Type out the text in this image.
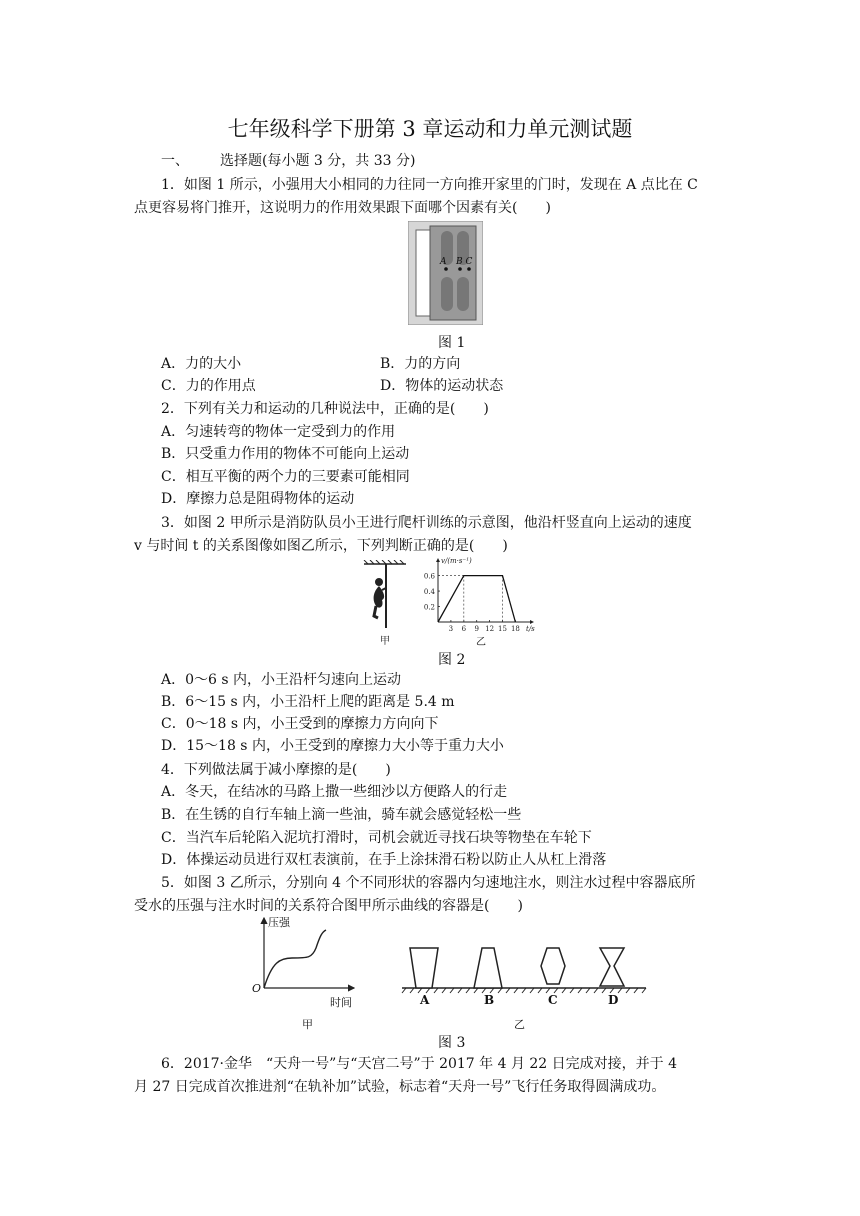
七年级科学下册第 3 章运动和力单元测试题
一、 选择题(每小题 3 分，共 33 分)
1．如图 1 所示，小强用大小相同的力往同一方向推开家里的门时，发现在 A 点比在 C
点更容易将门推开，这说明力的作用效果跟下面哪个因素有关(　　)
A B C
图 1
A．力的大小	B．力的方向
C．力的作用点	D．物体的运动状态
2．下列有关力和运动的几种说法中，正确的是(　　)
A．匀速转弯的物体一定受到力的作用
B．只受重力作用的物体不可能向上运动
C．相互平衡的两个力的三要素可能相同
D．摩擦力总是阻碍物体的运动
3．如图 2 甲所示是消防队员小王进行爬杆训练的示意图，他沿杆竖直向上运动的速度
v 与时间 t 的关系图像如图乙所示，下列判断正确的是(　　)
甲
0.2
0.4
0.6
3 6 9 12 15 18
v/(m·s⁻¹)
t/s
乙
图 2
A．0～6 s 内，小王沿杆匀速向上运动
B．6～15 s 内，小王沿杆上爬的距离是 5.4 m
C．0～18 s 内，小王受到的摩擦力方向向下
D．15～18 s 内，小王受到的摩擦力大小等于重力大小
4．下列做法属于减小摩擦的是(　　)
A．冬天，在结冰的马路上撒一些细沙以方便路人的行走
B．在生锈的自行车轴上滴一些油，骑车就会感觉轻松一些
C．当汽车后轮陷入泥坑打滑时，司机会就近寻找石块等物垫在车轮下
D．体操运动员进行双杠表演前，在手上涂抹滑石粉以防止人从杠上滑落
5．如图 3 乙所示，分别向 4 个不同形状的容器内匀速地注水，则注水过程中容器底所
受水的压强与注水时间的关系符合图甲所示曲线的容器是(　　)
压强
O
时间
甲
A	B	C	D
乙
图 3
6．2017·金华　“天舟一号”与“天宫二号”于 2017 年 4 月 22 日完成对接，并于 4
月 27 日完成首次推进剂“在轨补加”试验，标志着“天舟一号”飞行任务取得圆满成功。
